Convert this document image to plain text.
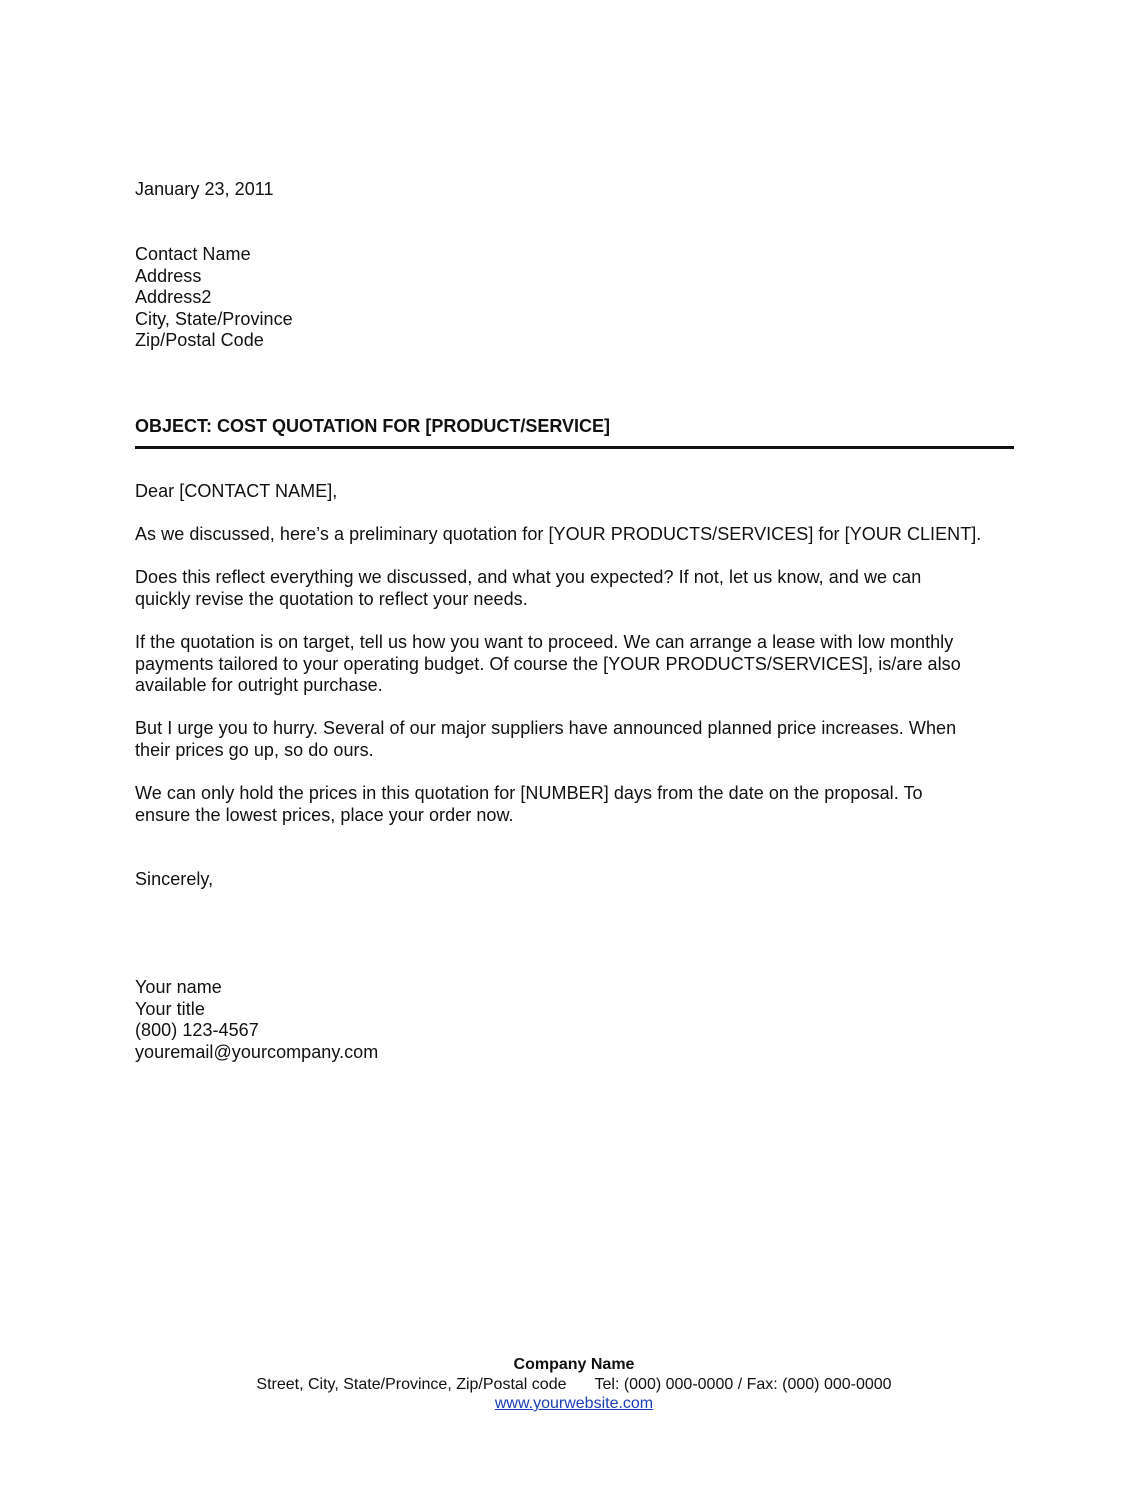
January 23, 2011

Contact Name
Address
Address2
City, State/Province
Zip/Postal Code

OBJECT: COST QUOTATION FOR [PRODUCT/SERVICE]

Dear [CONTACT NAME],

As we discussed, here’s a preliminary quotation for [YOUR PRODUCTS/SERVICES] for [YOUR CLIENT].
Does this reflect everything we discussed, and what you expected? If not, let us know, and we can
quickly revise the quotation to reflect your needs.
If the quotation is on target, tell us how you want to proceed. We can arrange a lease with low monthly
payments tailored to your operating budget. Of course the [YOUR PRODUCTS/SERVICES], is/are also
available for outright purchase.
But I urge you to hurry. Several of our major suppliers have announced planned price increases. When
their prices go up, so do ours.
We can only hold the prices in this quotation for [NUMBER] days from the date on the proposal. To
ensure the lowest prices, place your order now.

Sincerely,

Your name
Your title
(800) 123-4567
youremail@yourcompany.com
Company Name
Street, City, State/Province, Zip/Postal code Tel: (000) 000-0000 / Fax: (000) 000-0000
www.yourwebsite.com
